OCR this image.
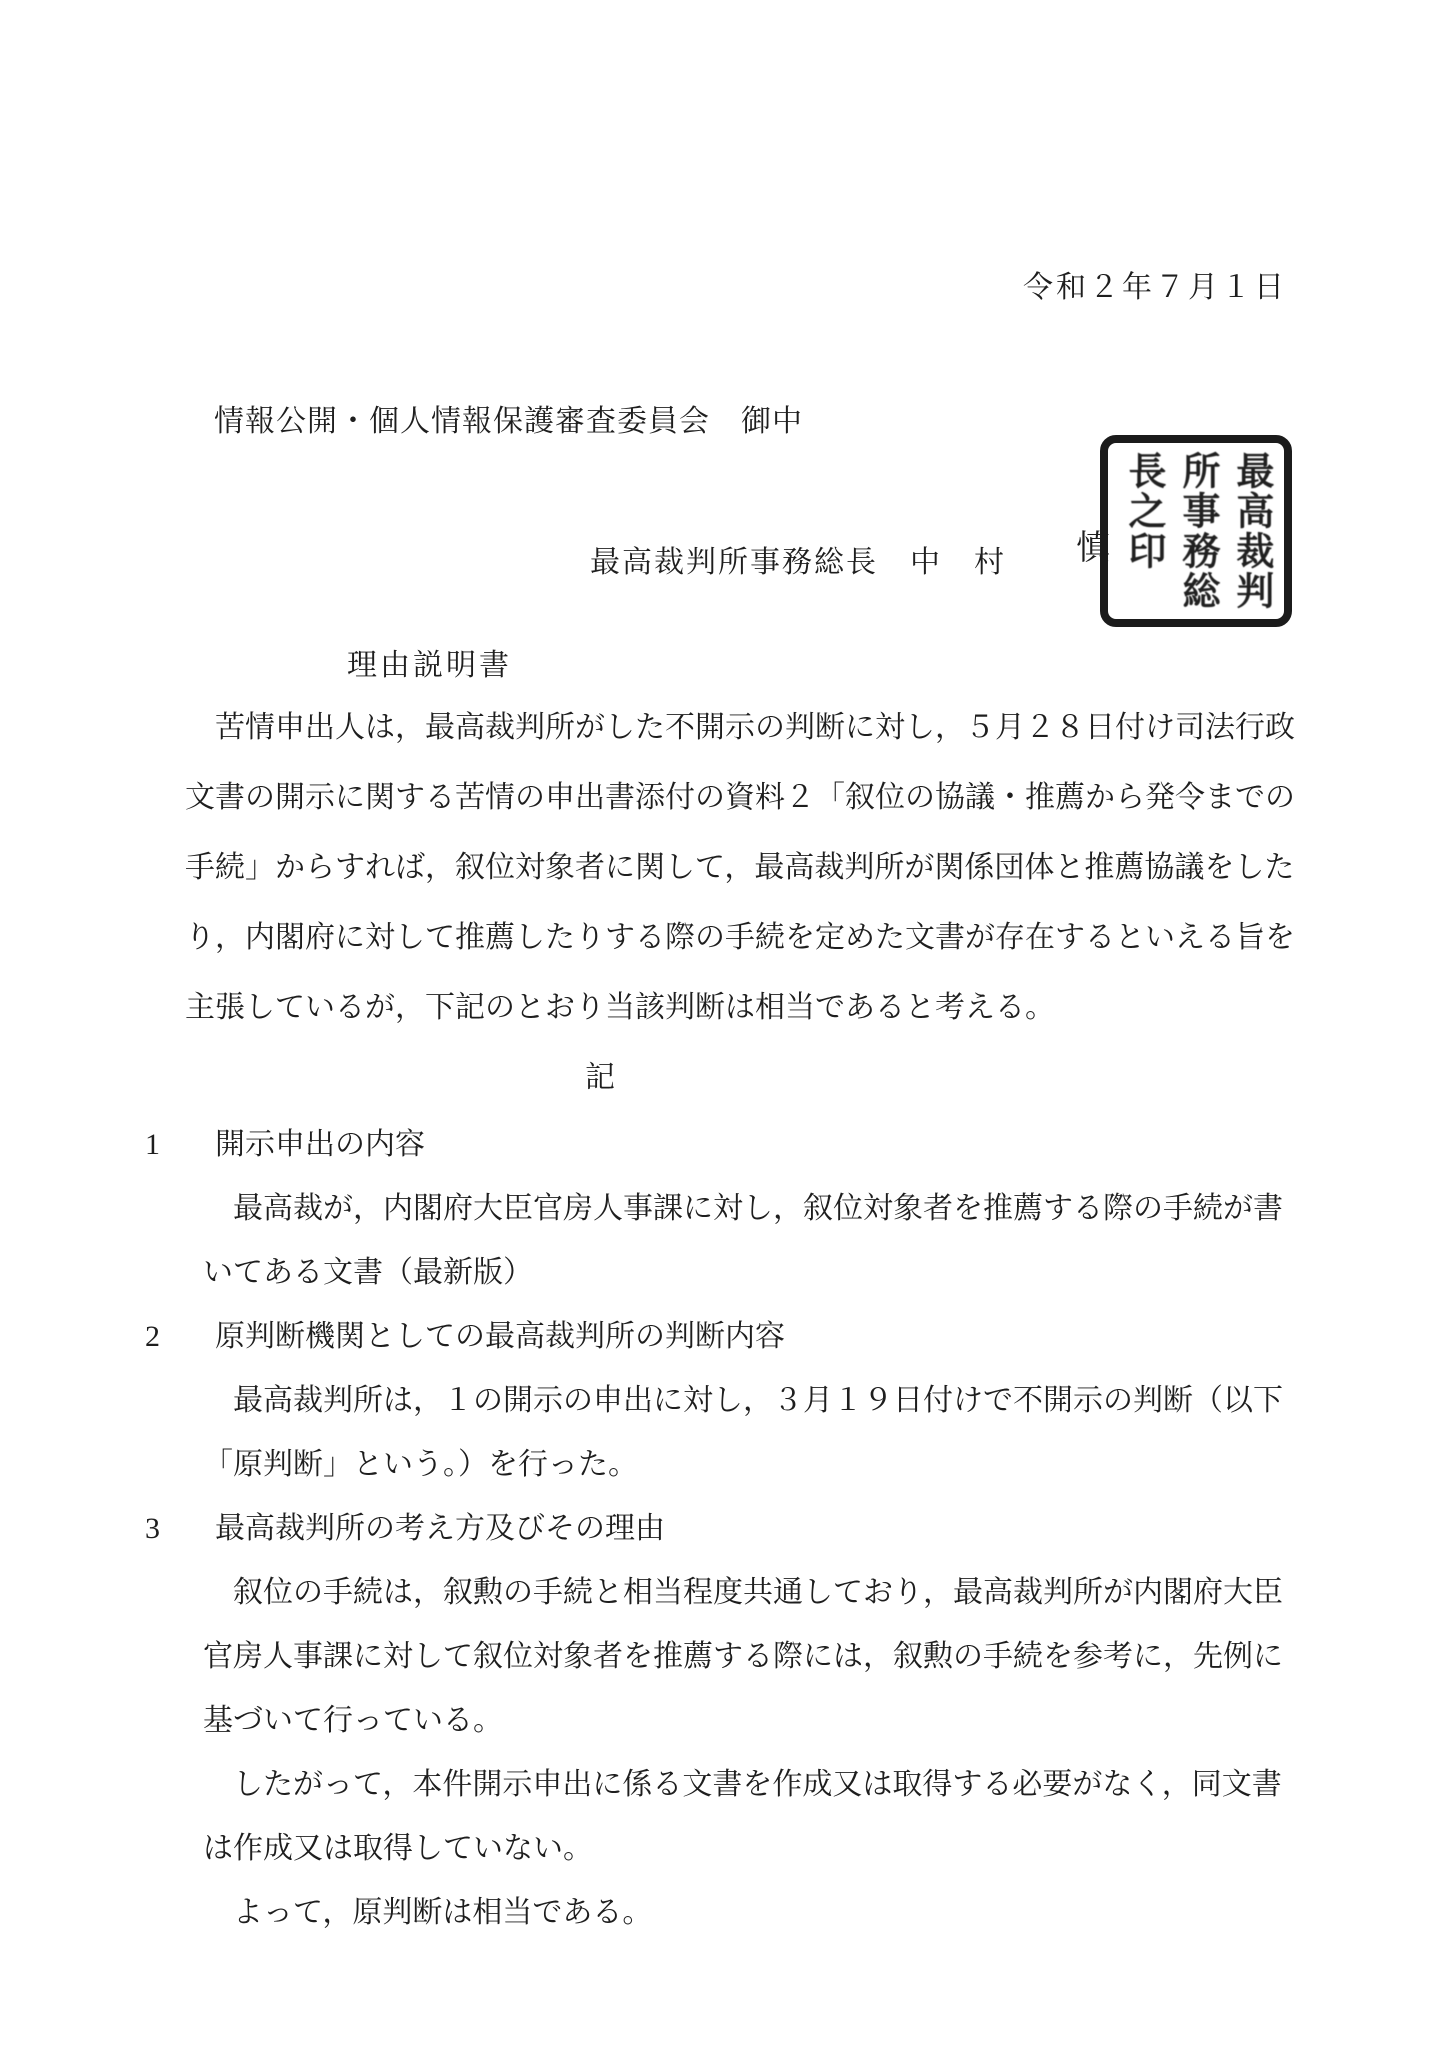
令和２年７月１日
情報公開・個人情報保護審査委員会　御中
最高裁判所事務総長　中　村 慎	最高裁判
所事務総
長之印
理由説明書
苦情申出人は，最高裁判所がした不開示の判断に対し，５月２８日付け司法行政
文書の開示に関する苦情の申出書添付の資料２「叙位の協議・推薦から発令までの
手続」からすれば，叙位対象者に関して，最高裁判所が関係団体と推薦協議をした
り，内閣府に対して推薦したりする際の手続を定めた文書が存在するといえる旨を
主張しているが，下記のとおり当該判断は相当であると考える。
記
1 開示申出の内容
最高裁が，内閣府大臣官房人事課に対し，叙位対象者を推薦する際の手続が書
いてある文書（最新版）
2 原判断機関としての最高裁判所の判断内容
最高裁判所は，１の開示の申出に対し，３月１９日付けで不開示の判断（以下
「原判断」という。）を行った。
3 最高裁判所の考え方及びその理由
叙位の手続は，叙勲の手続と相当程度共通しており，最高裁判所が内閣府大臣
官房人事課に対して叙位対象者を推薦する際には，叙勲の手続を参考に，先例に
基づいて行っている。
したがって，本件開示申出に係る文書を作成又は取得する必要がなく，同文書
は作成又は取得していない。
よって，原判断は相当である。
